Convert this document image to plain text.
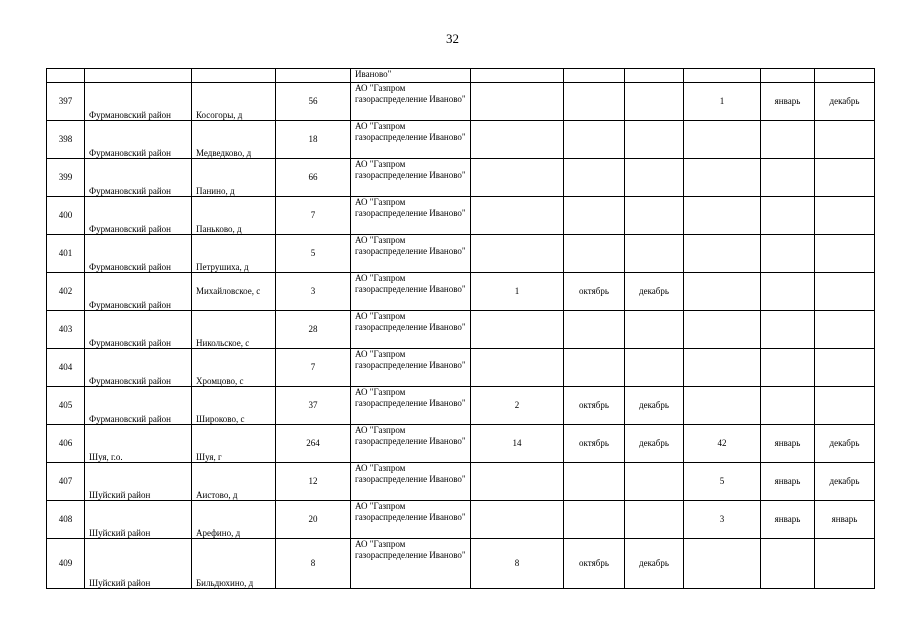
32
				Иваново"						
397	Фурмановский район	Косогоры, д	56	АО "Газпром газораспределение Иваново"				1	январь	декабрь
398	Фурмановский район	Медведково, д	18	АО "Газпром газораспределение Иваново"						
399	Фурмановский район	Панино, д	66	АО "Газпром газораспределение Иваново"						
400	Фурмановский район	Паньково, д	7	АО "Газпром газораспределение Иваново"						
401	Фурмановский район	Петрушиха, д	5	АО "Газпром газораспределение Иваново"						
402	Фурмановский район	Михайловское, с	3	АО "Газпром газораспределение Иваново"	1	октябрь	декабрь			
403	Фурмановский район	Никольское, с	28	АО "Газпром газораспределение Иваново"						
404	Фурмановский район	Хромцово, с	7	АО "Газпром газораспределение Иваново"						
405	Фурмановский район	Широково, с	37	АО "Газпром газораспределение Иваново"	2	октябрь	декабрь			
406	Шуя, г.о.	Шуя, г	264	АО "Газпром газораспределение Иваново"	14	октябрь	декабрь	42	январь	декабрь
407	Шуйский район	Аистово, д	12	АО "Газпром газораспределение Иваново"				5	январь	декабрь
408	Шуйский район	Арефино, д	20	АО "Газпром газораспределение Иваново"				3	январь	январь
409	Шуйский район	Бильдюхино, д	8	АО "Газпром газораспределение Иваново"	8	октябрь	декабрь			
